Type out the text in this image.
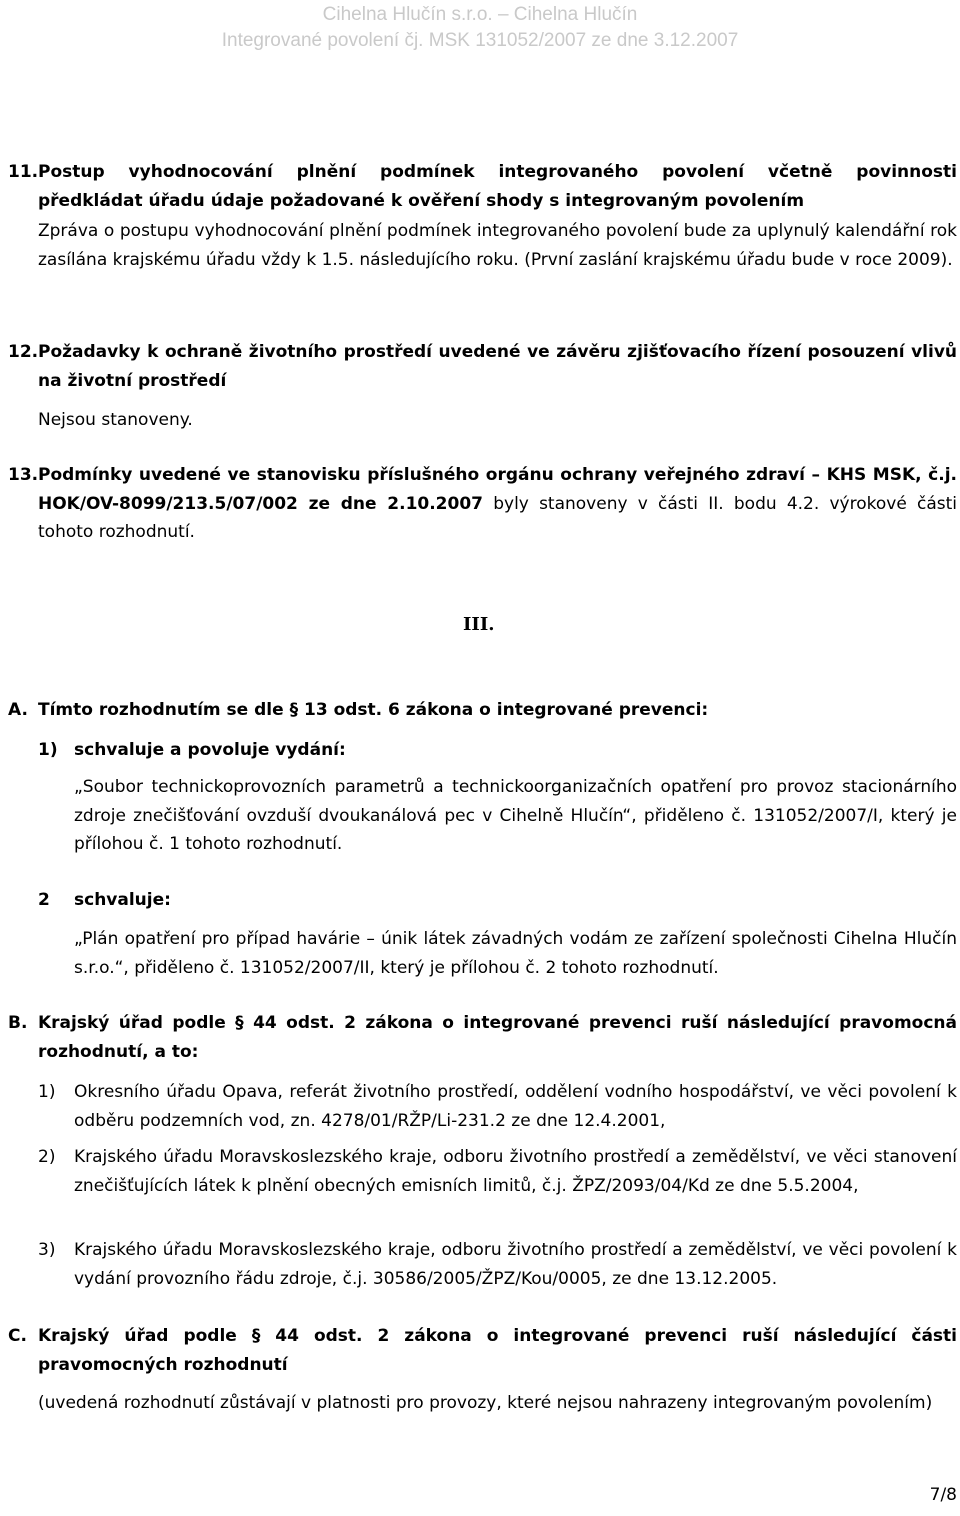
Cihelna Hlučín s.r.o. – Cihelna Hlučín
Integrované povolení čj. MSK 131052/2007 ze dne 3.12.2007
11. Postup vyhodnocování plnění podmínek integrovaného povolení včetně povinnosti
předkládat úřadu údaje požadované k ověření shody s integrovaným povolením
Zpráva o postupu vyhodnocování plnění podmínek integrovaného povolení bude za uplynulý kalendářní rok zasílána krajskému úřadu vždy k 1.5. následujícího roku. (První zaslání krajskému úřadu bude v roce 2009).
12. Požadavky k ochraně životního prostředí uvedené ve závěru zjišťovacího řízení posouzení vlivů na životní prostředí
Nejsou stanoveny.
13. Podmínky uvedené ve stanovisku příslušného orgánu ochrany veřejného zdraví – KHS MSK, č.j. HOK/OV-8099/213.5/07/002 ze dne 2.10.2007 byly stanoveny v části II. bodu 4.2. výrokové části tohoto rozhodnutí.
III.
A. Tímto rozhodnutím se dle § 13 odst. 6 zákona o integrované prevenci:
1) schvaluje a povoluje vydání:
„Soubor technickoprovozních parametrů a technickoorganizačních opatření pro provoz stacionárního zdroje znečišťování ovzduší dvoukanálová pec v Cihelně Hlučín“, přiděleno č. 131052/2007/I, který je přílohou č. 1 tohoto rozhodnutí.
2 schvaluje:
„Plán opatření pro případ havárie – únik látek závadných vodám ze zařízení společnosti Cihelna Hlučín s.r.o.“, přiděleno č. 131052/2007/II, který je přílohou č. 2 tohoto rozhodnutí.
B. Krajský úřad podle § 44 odst. 2 zákona o integrované prevenci ruší následující pravomocná rozhodnutí, a to:
1) Okresního úřadu Opava, referát životního prostředí, oddělení vodního hospodářství, ve věci povolení k odběru podzemních vod, zn. 4278/01/RŽP/Li-231.2 ze dne 12.4.2001,
2) Krajského úřadu Moravskoslezského kraje, odboru životního prostředí a zemědělství, ve věci stanovení znečišťujících látek k plnění obecných emisních limitů, č.j. ŽPZ/2093/04/Kd ze dne 5.5.2004,
3) Krajského úřadu Moravskoslezského kraje, odboru životního prostředí a zemědělství, ve věci povolení k vydání provozního řádu zdroje, č.j. 30586/2005/ŽPZ/Kou/0005, ze dne 13.12.2005.
C. Krajský úřad podle § 44 odst. 2 zákona o integrované prevenci ruší následující části pravomocných rozhodnutí
(uvedená rozhodnutí zůstávají v platnosti pro provozy, které nejsou nahrazeny integrovaným povolením)
7/8
